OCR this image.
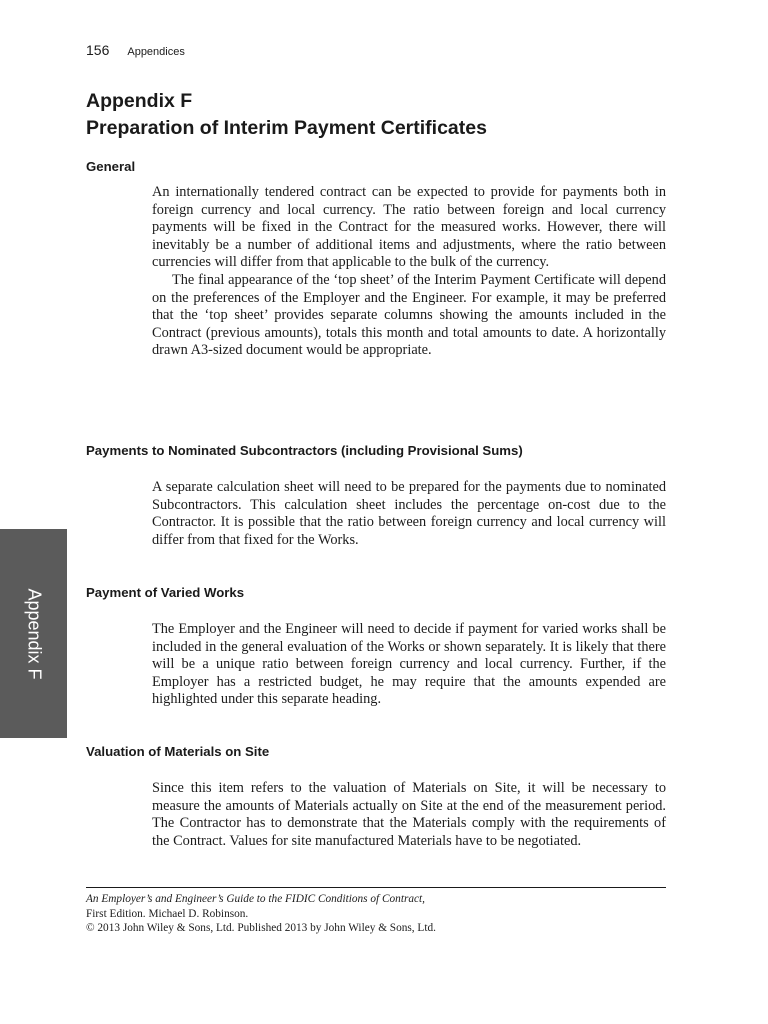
156 Appendices
Appendix F
Preparation of Interim Payment Certificates
General

An internationally tendered contract can be expected to provide for payments both in foreign currency and local currency. The ratio between foreign and local currency payments will be fixed in the Contract for the measured works. However, there will inevitably be a number of additional items and adjustments, where the ratio between currencies will differ from that applicable to the bulk of the currency.

The final appearance of the ‘top sheet’ of the Interim Payment Certificate will depend on the preferences of the Employer and the Engineer. For example, it may be preferred that the ‘top sheet’ provides separate columns showing the amounts included in the Contract (previous amounts), totals this month and total amounts to date. A horizontally drawn A3-sized document would be appropriate.

Payments to Nominated Subcontractors (including Provisional Sums)

A separate calculation sheet will need to be prepared for the payments due to nominated Subcontractors. This calculation sheet includes the percentage on-cost due to the Contractor. It is possible that the ratio between foreign currency and local currency will differ from that fixed for the Works.

Payment of Varied Works

The Employer and the Engineer will need to decide if payment for varied works shall be included in the general evaluation of the Works or shown separately. It is likely that there will be a unique ratio between foreign currency and local currency. Further, if the Employer has a restricted budget, he may require that the amounts expended are highlighted under this separate heading.

Valuation of Materials on Site

Since this item refers to the valuation of Materials on Site, it will be necessary to measure the amounts of Materials actually on Site at the end of the measurement period. The Contractor has to demonstrate that the Materials comply with the requirements of the Contract. Values for site manufactured Materials have to be negotiated.

Appendix F
An Employer’s and Engineer’s Guide to the FIDIC Conditions of Contract,
First Edition. Michael D. Robinson.
© 2013 John Wiley & Sons, Ltd. Published 2013 by John Wiley & Sons, Ltd.
